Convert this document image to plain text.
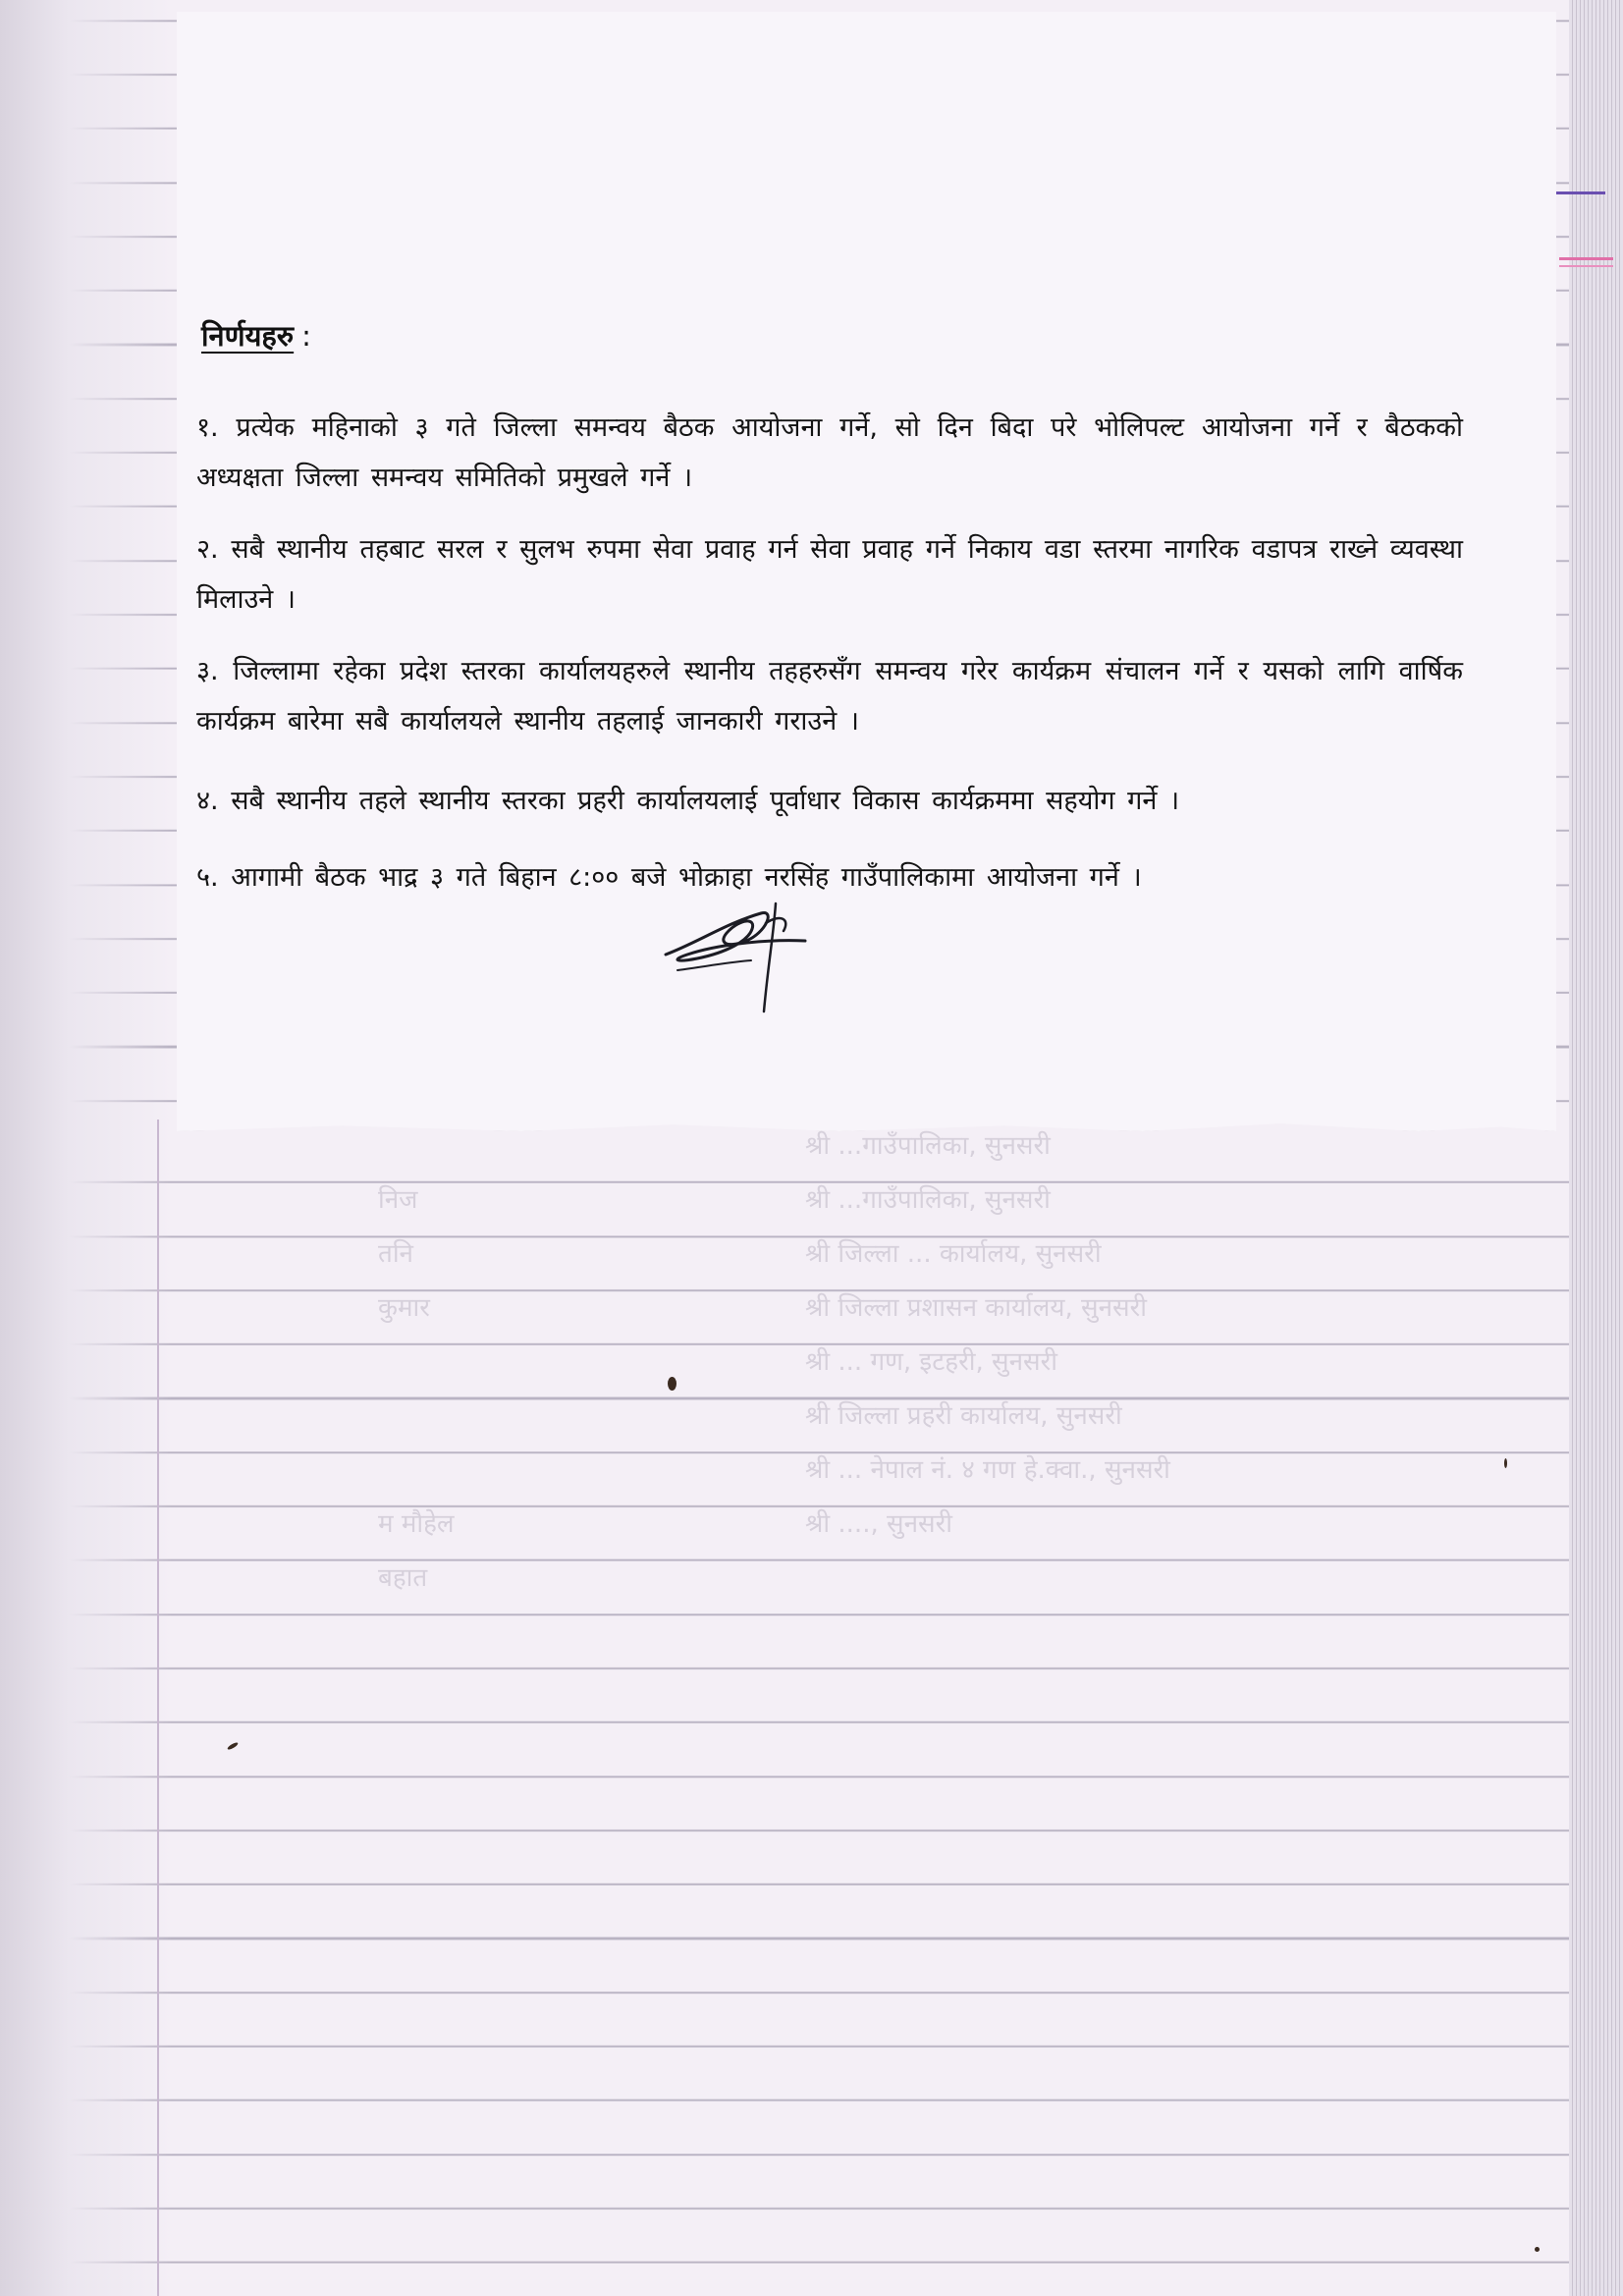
निज
तनि
कुमार
म मौहेल
बहात
श्री ...गाउँपालिका, सुनसरी
श्री ...गाउँपालिका, सुनसरी
श्री जिल्ला ... कार्यालय, सुनसरी
श्री जिल्ला प्रशासन कार्यालय, सुनसरी
श्री ... गण, इटहरी, सुनसरी
श्री जिल्ला प्रहरी कार्यालय, सुनसरी
श्री ... नेपाल नं. ४ गण हे.क्वा., सुनसरी
श्री ...., सुनसरी
निर्णयहरु :
१. प्रत्येक महिनाको ३ गते जिल्ला समन्वय बैठक आयोजना गर्ने, सो दिन बिदा परे भोलिपल्ट आयोजना गर्ने र बैठकको अध्यक्षता जिल्ला समन्वय समितिको प्रमुखले गर्ने ।
२. सबै स्थानीय तहबाट सरल र सुलभ रुपमा सेवा प्रवाह गर्न सेवा प्रवाह गर्ने निकाय वडा स्तरमा नागरिक वडापत्र राख्ने व्यवस्था मिलाउने ।
३. जिल्लामा रहेका प्रदेश स्तरका कार्यालयहरुले स्थानीय तहहरुसँग समन्वय गरेर कार्यक्रम संचालन गर्ने र यसको लागि वार्षिक कार्यक्रम बारेमा सबै कार्यालयले स्थानीय तहलाई जानकारी गराउने ।
४. सबै स्थानीय तहले स्थानीय स्तरका प्रहरी कार्यालयलाई पूर्वाधार विकास कार्यक्रममा सहयोग गर्ने ।
५. आगामी बैठक भाद्र ३ गते बिहान ८:०० बजे भोक्राहा नरसिंह गाउँपालिकामा आयोजना गर्ने ।
